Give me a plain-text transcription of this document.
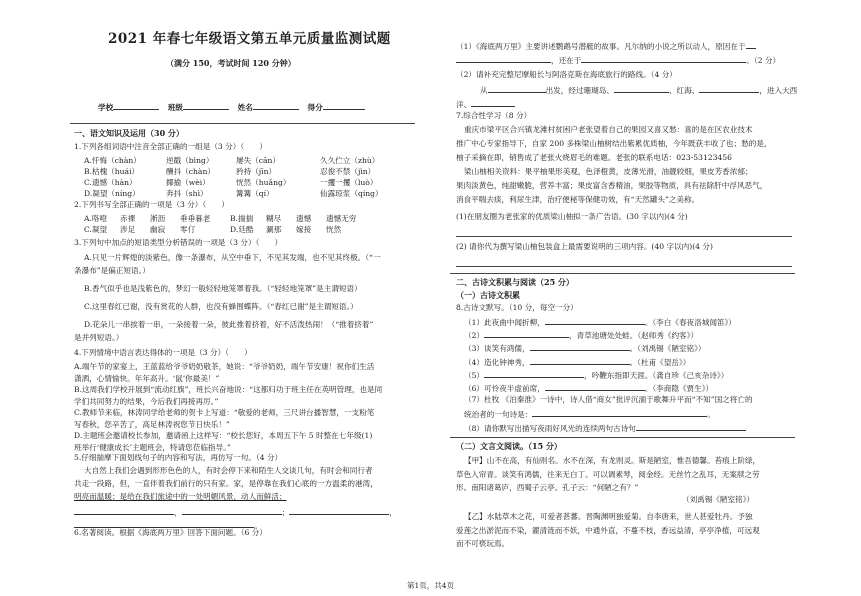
2021 年春七年级语文第五单元质量监测试题
（满分 150，考试时间 120 分钟）
学校	班级	姓名	得分
一、语文知识及运用（30 分）
1.下列各组词语中注音全部正确的一组是（3 分）（　　）
A.忏悔（chàn）	逆戳（bìng）	屡失（cān）	久久伫立（zhù）
B.枯槐（huái）	酬抖（chàn）	矜持（jīn）	忍俊不禁（jìn）
C.遗憾（hàn）	揶揄（wèi）	恍然（huǎng）	一攫一攫（luò）
D.凝望（níng）	奔抖（shì）	篝篝（qí）	仙露琼浆（qíng）
2.下列书写全部正确的一项是（3 分）（　　）
A.咯噔 赤裸 淅沥 垂垂暮老	B.揣揣 糊尽 遗憾 遗憾无穷
C.凝望 涉足 幽寂 零仃	D.廷酷 涮那 嫁接 恍然
3.下列句中加点的短语类型分析错误的一项是（3 分）（　　）
A.只见一片辉煌的淡紫色，像一条瀑布，从空中垂下，不见其发端，也不见其终极。（“一
条瀑布”是偏正短语。）
B.香气似乎也是浅紫色的，梦幻一般轻轻地笼罩着我。（“轻轻地笼罩”是主谓短语）
C.这里春红已谢，没有赏花的人群，也没有蜂围蝶阵。（“春红已谢”是主谓短语。）
D.花朵儿一串挨着一串，一朵接着一朵，彼此推着挤着，好不活泼热闹！（“推着挤着”
是并列短语。）
4.下列情境中语言表达得体的一项是（3 分）（　　）
A.端午节的家宴上，王蓝蓝给爷爷奶奶敬茶，她说：“爷爷奶奶，端午节安康！祝你们生活
潇洒，心情愉快。年年高升。‘鼠’你最美！”
B.这周我们学校开展到“流动红旗”，班长兴奋地说：“这都归功于班主任在英明管理，也是同
学们共同努力的结果，今后我们再接再厉。”
C.教师节来临，林涛同学给老师的贺卡上写道：“敬爱的老师，三尺讲台播智慧，一支粉笔
写春秋，您辛苦了，高足林涛祝您节日快乐！”
D.主题班会邀请校长参加，邀请函上这样写：“校长您好，本周五下午 5 时整在七年级(1)
班举行‘健康成长’主题班会，特请您莅临指导。”
5.仔细揣摩下面划线句子的内容和写法，再仿写一句。（4 分）
大自然上我们会遇到形形色色的人，有时会停下来和陌生人交谈几句，有时会和同行者
共走一段路，但，一直伴着我们前行的只有家。家，是停靠在我们心底的一方温柔的港湾，
明亮而温暖；是给在我们旅途中的一处明媚风景，动人而鲜活；
，	；	，
。
6.名著阅读。根据《海底两万里》回答下面问题。（6 分）
（1）《海底两万里》主要讲述鹦鹉号潜艇的故事。凡尔纳的小说之所以动人，原因在于
，还在于	。（2 分）
（2）请补充完整尼摩船长与阿洛克斯在海底旅行的路线。（4 分）
从	出发，经过珊瑚岛、	、红海、	，进入大西
洋、
7.综合性学习（8 分）
重庆市梁平区合兴镇龙滩村贫困户老张望着自己的果园又喜又愁：喜的是在区农业技术
推广中心专家指导下，自家 200 多株梁山柚树结出紫累优质柚，今年既获丰收了也；愁的是，
柚子采摘在即，销售成了老张火烧眉毛的难题。老张的联系电话：023-53123456
梁山柚相关资料：果平柚果形美观，色泽橙黄，皮薄光滑，油靓较细，果皮芳香浓郁；
果肉淡黄色，纯甜嫩脆，营养丰富；果皮富含香精油，果胶等物质，具有祛除肝中浮风恶气，
消食平喘去痰，利尿生津，治疗便秘等保健功效，有“天然罐头”之美称。
(1)在朋友圈为老张家的优质梁山柚拟一条广告语。(30 字以内)(4 分)
(2) 请你代为撰写梁山柚包装盒上最需要说明的三项内容。(40 字以内)(4 分)
二、古诗文积累与阅读（25 分）
（一）古诗文积累
8.古诗文默写。（10 分，每空一分）
（1）此夜曲中闻折柳，	。（李白《春夜洛城闻笛》）
（2）	，青草池塘处处蛙。（赵师秀《约客》）
（3）谈笑有鸿儒，	。（刘禹锡《陋室铭》）
（4）造化钟神秀，	。（杜甫《望岳》）
（5）	，吟鞭东指即天涯。（龚自珍《己亥杂诗》）
（6）可怜夜半虚前席，	。（李商隐《贾生》）
（7）杜牧 《泊秦淮》一诗中，诗人借“商女”批评沉湎于歌舞升平而“不知”国之将亡的
统治者的一句诗是：	。
（8）请你默写出描写夜雨好风光的连续两句古诗句
（二）文言文阅读。（15 分）
【甲】山不在高，有仙则名。水不在深，有龙则灵。斯是陋室，惟吾德馨。苔痕上阶绿，
草色入帘青。谈笑有鸿儒，往来无白丁。可以调素琴，阅金经。无丝竹之乱耳，无案牍之劳
形。南阳诸葛庐，西蜀子云亭。孔子云：“何陋之有？”
（刘禹锡《陋室铭》）
【乙】水陆草木之花，可爱者甚蕃。晋陶渊明独爱菊。自李唐来，世人甚爱牡丹。予独
爱莲之出淤泥而不染，濯清涟而不妖，中通外直，不蔓不枝，香远益清，亭亭净植，可远观
而不可亵玩焉。
第1页，共4页
